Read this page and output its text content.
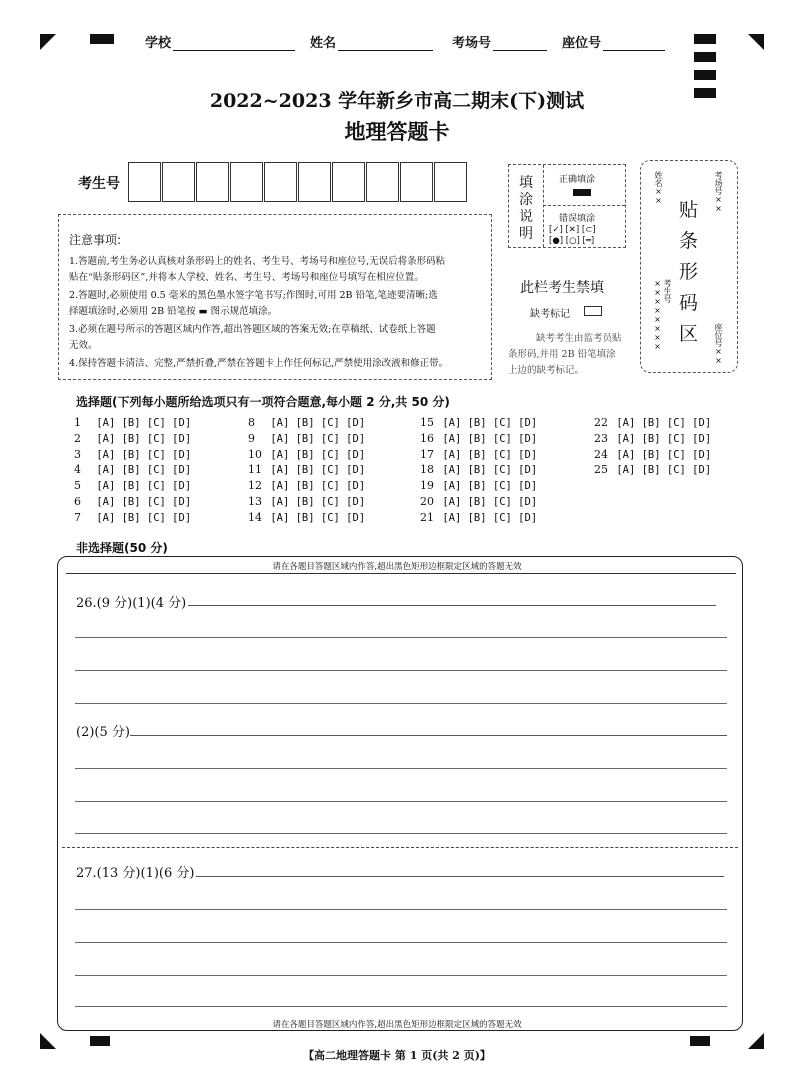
学校	姓名	考场号	座位号
2022~2023 学年新乡市高二期末(下)测试
地理答题卡
考生号
注意事项:
1.答题前,考生务必认真核对条形码上的姓名、考生号、考场号和座位号,无误后将条形码粘
贴在“贴条形码区”,并将本人学校、姓名、考生号、考场号和座位号填写在相应位置。
2.答题时,必须使用 0.5 毫米的黑色墨水签字笔书写;作图时,可用 2B 铅笔,笔迹要清晰;选
择题填涂时,必须用 2B 铅笔按 ▬ 图示规范填涂。
3.必须在题号所示的答题区域内作答,超出答题区域的答案无效;在草稿纸、试卷纸上答题
无效。
4.保持答题卡清洁、完整,严禁折叠,严禁在答题卡上作任何标记,严禁使用涂改液和修正带。
填涂说明
正确填涂
错误填涂
[✓] [✕] [⊂]
[●] [○] [═]
此栏考生禁填
缺考标记
缺考考生由监考员贴
条形码,并用 2B 铅笔填涂
上边的缺考标记。
姓名××	考场号××
考生号××××××××	座位号××
贴条形码区
选择题(下列每小题所给选项只有一项符合题意,每小题 2 分,共 50 分)
1 [A] [B] [C] [D]
2 [A] [B] [C] [D]
3 [A] [B] [C] [D]
4 [A] [B] [C] [D]
5 [A] [B] [C] [D]
6 [A] [B] [C] [D]
7 [A] [B] [C] [D]
8 [A] [B] [C] [D]
9 [A] [B] [C] [D]
10 [A] [B] [C] [D]
11 [A] [B] [C] [D]
12 [A] [B] [C] [D]
13 [A] [B] [C] [D]
14 [A] [B] [C] [D]
15 [A] [B] [C] [D]
16 [A] [B] [C] [D]
17 [A] [B] [C] [D]
18 [A] [B] [C] [D]
19 [A] [B] [C] [D]
20 [A] [B] [C] [D]
21 [A] [B] [C] [D]
22 [A] [B] [C] [D]
23 [A] [B] [C] [D]
24 [A] [B] [C] [D]
25 [A] [B] [C] [D]
非选择题(50 分)
请在各题目答题区域内作答,超出黑色矩形边框限定区域的答题无效
请在各题目答题区域内作答,超出黑色矩形边框限定区域的答题无效
26.(9 分)(1)(4 分)
(2)(5 分)
27.(13 分)(1)(6 分)
【高二地理答题卡 第 1 页(共 2 页)】
